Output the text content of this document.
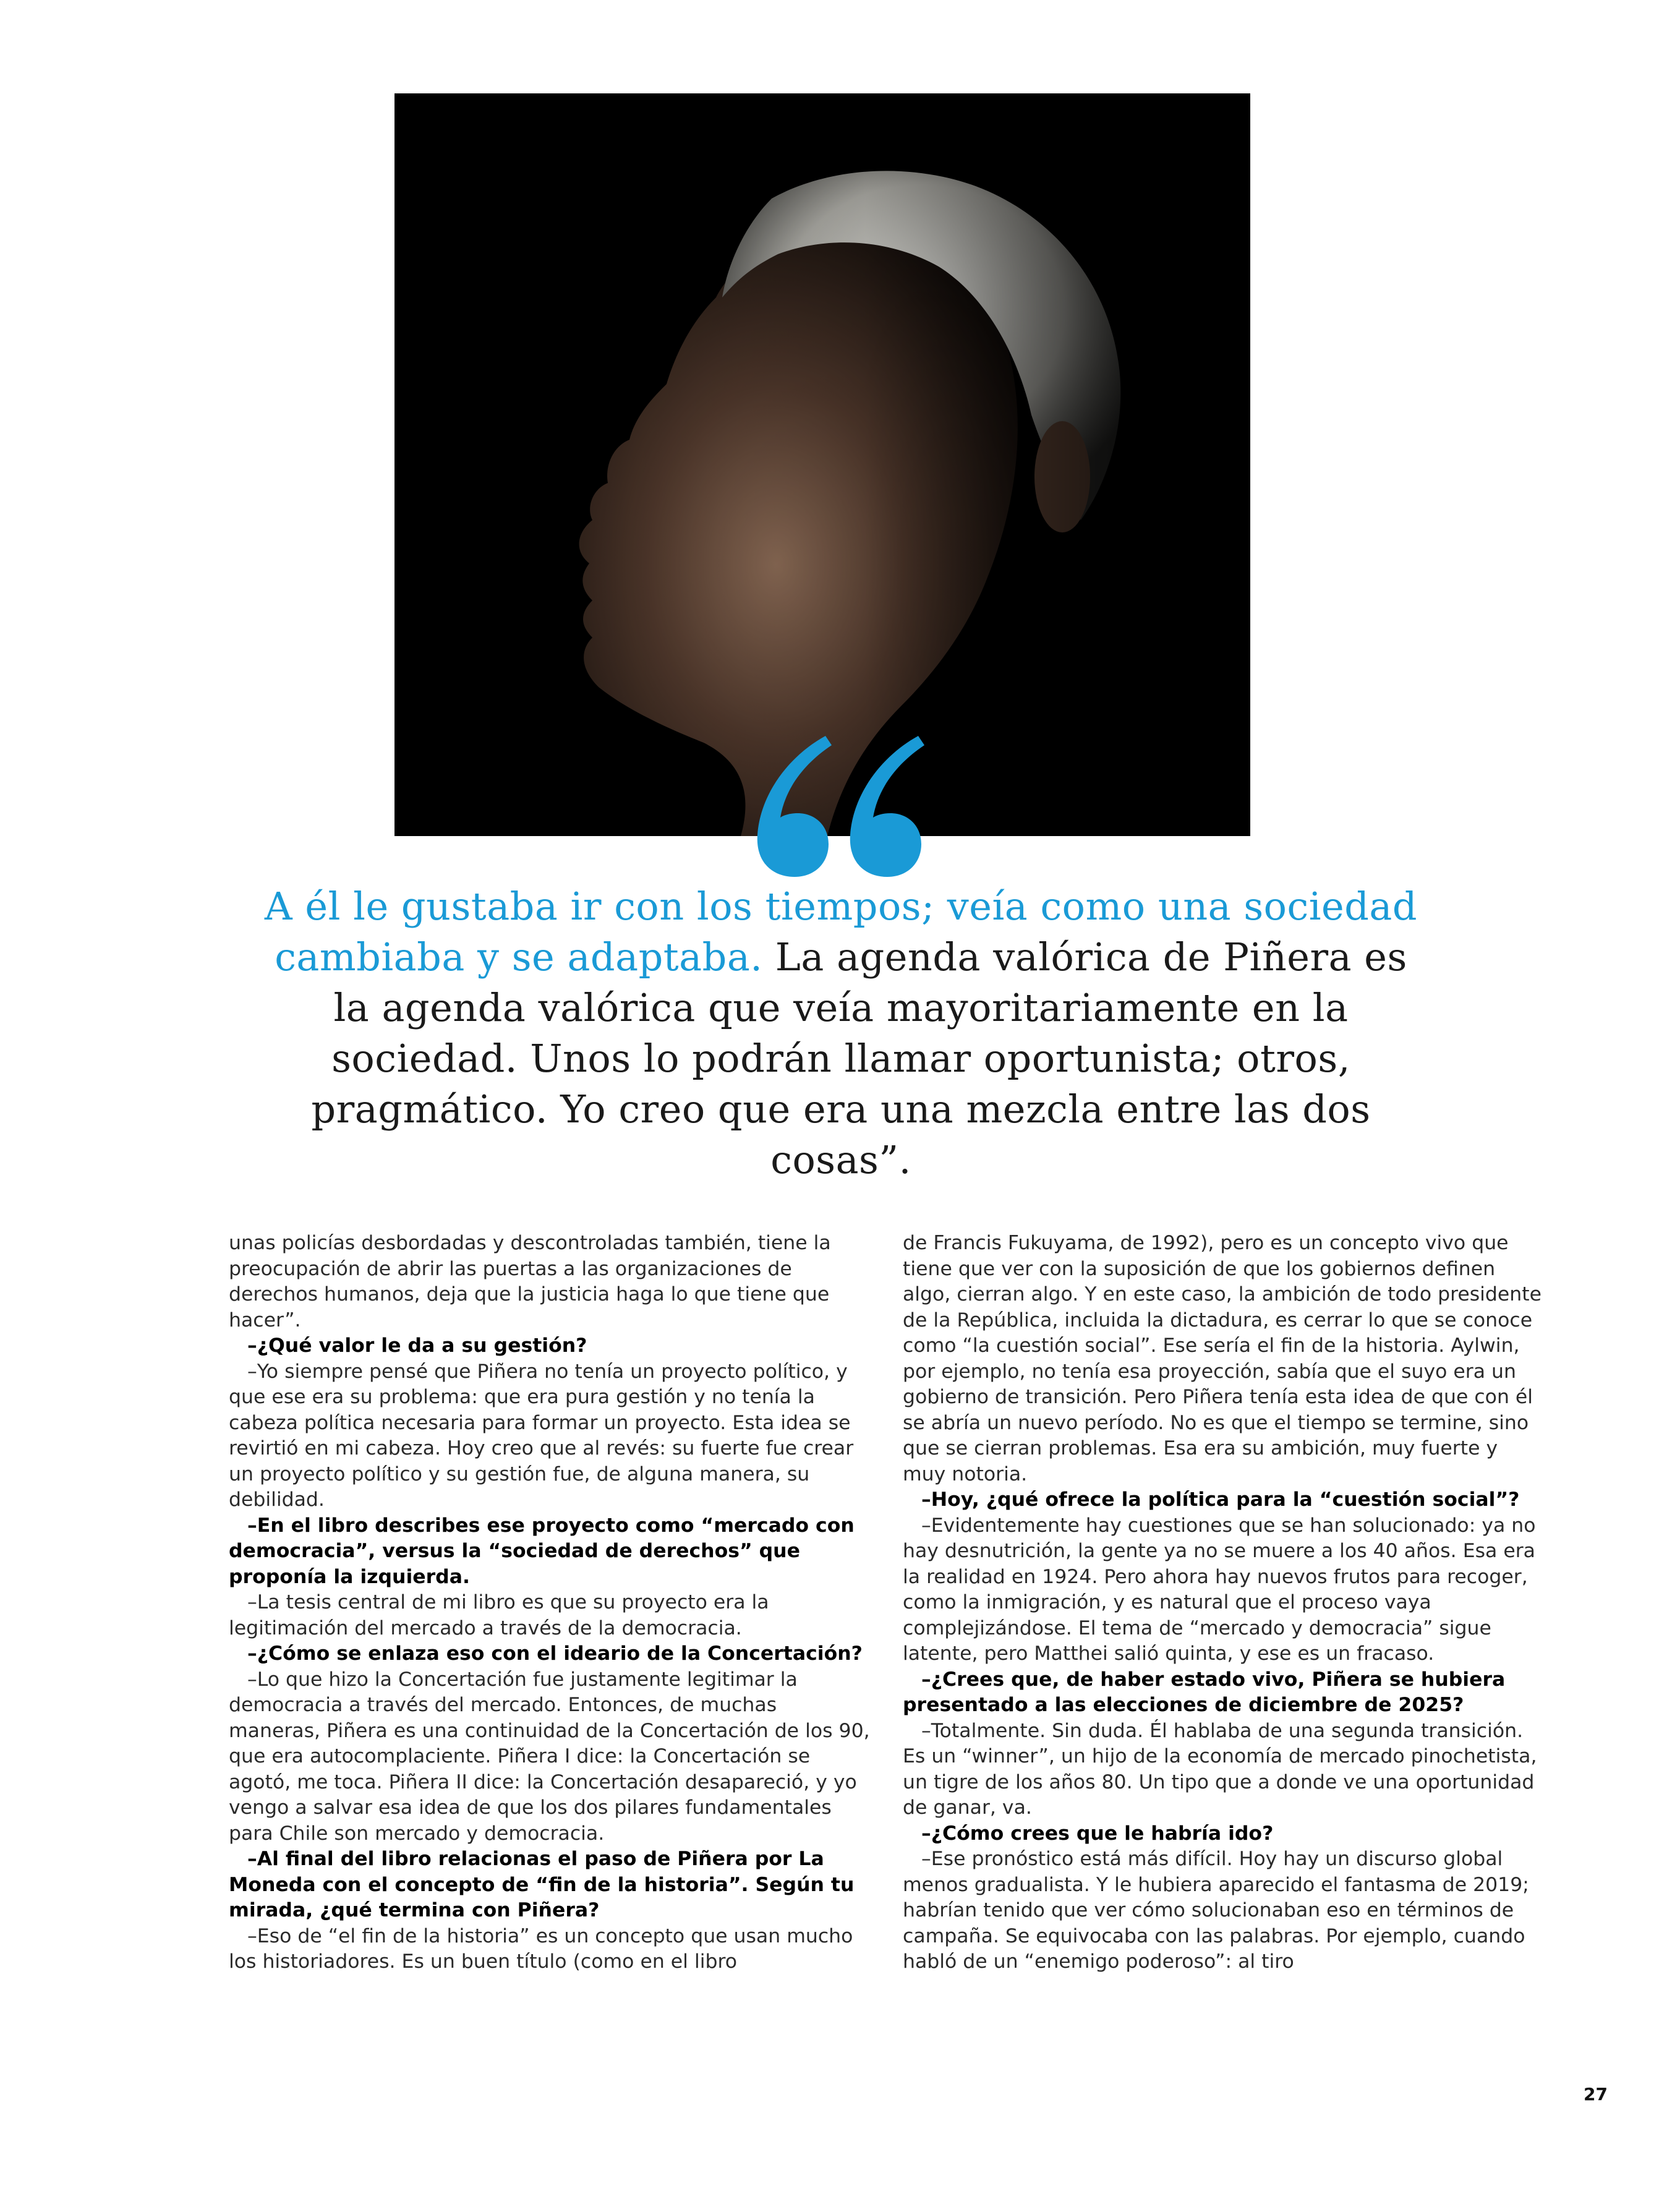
A él le gustaba ir con los tiempos; veía como una sociedad cambiaba y se adaptaba. La agenda valórica de Piñera es la agenda valórica que veía mayoritariamente en la sociedad. Unos lo podrán llamar oportunista; otros, pragmático. Yo creo que era una mezcla entre las dos cosas”.

unas policías desbordadas y descontroladas también, tiene la preocupación de abrir las puertas a las organizaciones de derechos humanos, deja que la justicia haga lo que tiene que hacer”.

–¿Qué valor le da a su gestión?

–Yo siempre pensé que Piñera no tenía un proyecto político, y que ese era su problema: que era pura gestión y no tenía la cabeza política necesaria para formar un proyecto. Esta idea se revirtió en mi cabeza. Hoy creo que al revés: su fuerte fue crear un proyecto político y su gestión fue, de alguna manera, su debilidad.

–En el libro describes ese proyecto como “mercado con democracia”, versus la “sociedad de derechos” que proponía la izquierda.

–La tesis central de mi libro es que su proyecto era la legitimación del mercado a través de la democracia.

–¿Cómo se enlaza eso con el ideario de la Concertación?

–Lo que hizo la Concertación fue justamente legitimar la democracia a través del mercado. Entonces, de muchas maneras, Piñera es una continuidad de la Concertación de los 90, que era autocomplaciente. Piñera I dice: la Concertación se agotó, me toca. Piñera II dice: la Concertación desapareció, y yo vengo a salvar esa idea de que los dos pilares fundamentales para Chile son mercado y democracia.

–Al final del libro relacionas el paso de Piñera por La Moneda con el concepto de “fin de la historia”. Según tu mirada, ¿qué termina con Piñera?

–Eso de “el fin de la historia” es un concepto que usan mucho los historiadores. Es un buen título (como en el libro

de Francis Fukuyama, de 1992), pero es un concepto vivo que tiene que ver con la suposición de que los gobiernos definen algo, cierran algo. Y en este caso, la ambición de todo presidente de la República, incluida la dictadura, es cerrar lo que se conoce como “la cuestión social”. Ese sería el fin de la historia. Aylwin, por ejemplo, no tenía esa proyección, sabía que el suyo era un gobierno de transición. Pero Piñera tenía esta idea de que con él se abría un nuevo período. No es que el tiempo se termine, sino que se cierran problemas. Esa era su ambición, muy fuerte y muy notoria.

–Hoy, ¿qué ofrece la política para la “cuestión social”?

–Evidentemente hay cuestiones que se han solucionado: ya no hay desnutrición, la gente ya no se muere a los 40 años. Esa era la realidad en 1924. Pero ahora hay nuevos frutos para recoger, como la inmigración, y es natural que el proceso vaya complejizándose. El tema de “mercado y democracia” sigue latente, pero Matthei salió quinta, y ese es un fracaso.

–¿Crees que, de haber estado vivo, Piñera se hubiera presentado a las elecciones de diciembre de 2025?

–Totalmente. Sin duda. Él hablaba de una segunda transición. Es un “winner”, un hijo de la economía de mercado pinochetista, un tigre de los años 80. Un tipo que a donde ve una oportunidad de ganar, va.

–¿Cómo crees que le habría ido?

–Ese pronóstico está más difícil. Hoy hay un discurso global menos gradualista. Y le hubiera aparecido el fantasma de 2019; habrían tenido que ver cómo solucionaban eso en términos de campaña. Se equivocaba con las palabras. Por ejemplo, cuando habló de un “enemigo poderoso”: al tiro

27
